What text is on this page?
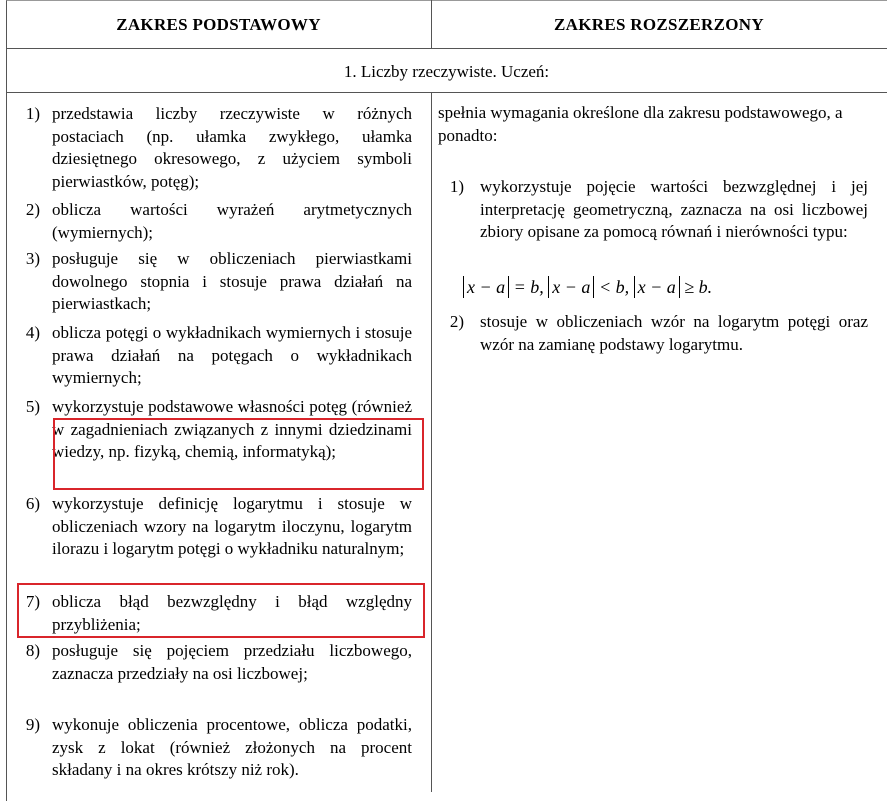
ZAKRES PODSTAWOWY	ZAKRES ROZSZERZONY
1. Liczby rzeczywiste. Uczeń:
1) przedstawia liczby rzeczywiste w różnych postaciach (np. ułamka zwykłego, ułamka dziesiętnego okresowego, z użyciem symboli pierwiastków, potęg);
2) oblicza wartości wyrażeń arytmetycznych (wymiernych);
3) posługuje się w obliczeniach pierwiastkami dowolnego stopnia i stosuje prawa działań na pierwiastkach;
4) oblicza potęgi o wykładnikach wymiernych i stosuje prawa działań na potęgach o wykładnikach wymiernych;
5) wykorzystuje podstawowe własności potęg (również w zagadnieniach związanych z innymi dziedzinami wiedzy, np. fizyką, chemią, informatyką);
6) wykorzystuje definicję logarytmu i stosuje w obliczeniach wzory na logarytm iloczynu, logarytm ilorazu i logarytm potęgi o wykładniku naturalnym;
7) oblicza błąd bezwzględny i błąd względny przybliżenia;
8) posługuje się pojęciem przedziału liczbowego, zaznacza przedziały na osi liczbowej;
9) wykonuje obliczenia procentowe, oblicza podatki, zysk z lokat (również złożonych na procent składany i na okres krótszy niż rok).
spełnia wymagania określone dla zakresu podstawowego, a ponadto:
1) wykorzystuje pojęcie wartości bezwzględnej i jej interpretację geometryczną, zaznacza na osi liczbowej zbiory opisane za pomocą równań i nierówności typu:
2) stosuje w obliczeniach wzór na logarytm potęgi oraz wzór na zamianę podstawy logarytmu.
x − a = b, x − a < b, x − a ≥ b.
